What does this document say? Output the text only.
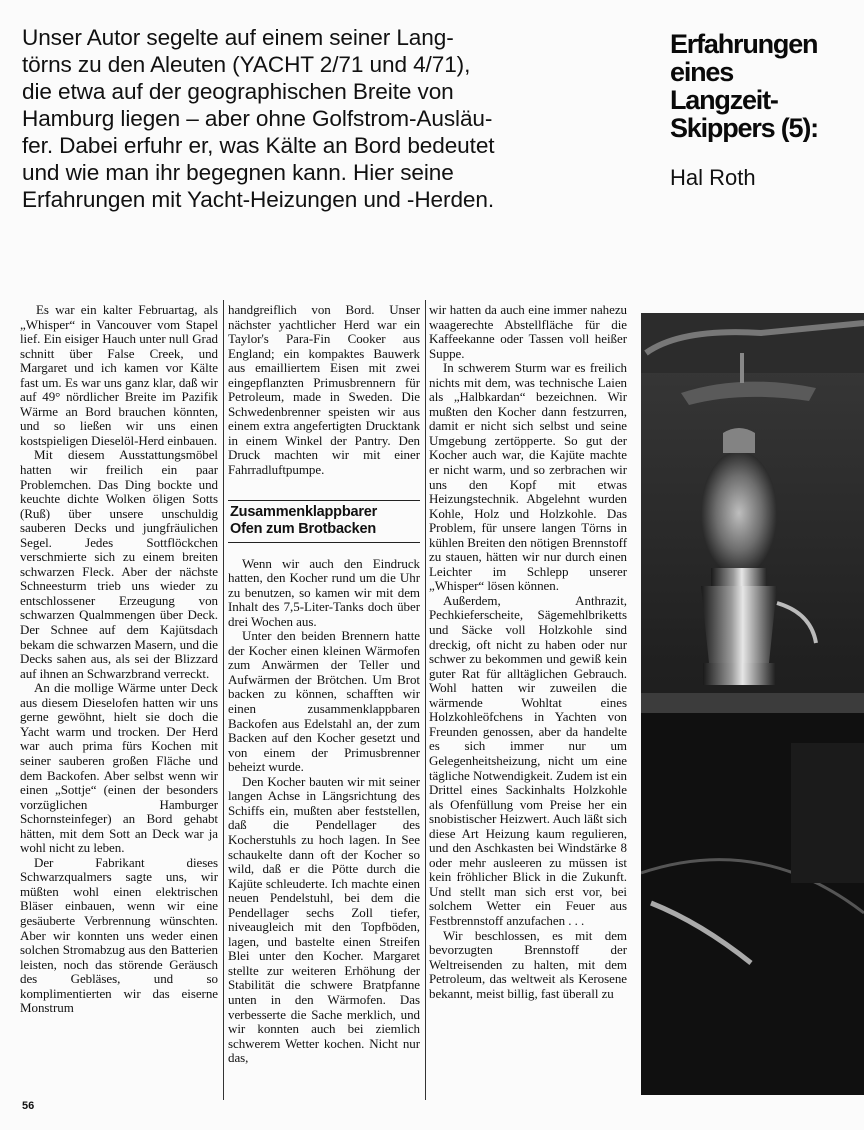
Unser Autor segelte auf einem seiner Lang-

törns zu den Aleuten (YACHT 2/71 und 4/71),

die etwa auf der geographischen Breite von

Hamburg liegen – aber ohne Golfstrom-Ausläu-

fer. Dabei erfuhr er, was Kälte an Bord bedeutet

und wie man ihr begegnen kann. Hier seine

Erfahrungen mit Yacht-Heizungen und -Herden.

Erfahrungen
eines
Langzeit-
Skippers (5):
Hal Roth

Es war ein kalter Februartag, als „Whisper“ in Vancouver vom Stapel lief. Ein eisiger Hauch unter null Grad schnitt über False Creek, und Margaret und ich kamen vor Kälte fast um. Es war uns ganz klar, daß wir auf 49° nördlicher Breite im Pazifik Wärme an Bord brauchen könnten, und so ließen wir uns einen kostspieligen Dieselöl-Herd einbauen.

Mit diesem Ausstattungsmöbel hatten wir freilich ein paar Problemchen. Das Ding bockte und keuchte dichte Wolken öligen Sotts (Ruß) über unsere unschuldig sauberen Decks und jungfräulichen Segel. Jedes Sottflöckchen verschmierte sich zu einem breiten schwarzen Fleck. Aber der nächste Schneesturm trieb uns wieder zu entschlossener Erzeugung von schwarzen Qualmmengen über Deck. Der Schnee auf dem Kajütsdach bekam die schwarzen Masern, und die Decks sahen aus, als sei der Blizzard auf ihnen an Schwarzbrand verreckt.

An die mollige Wärme unter Deck aus diesem Dieselofen hatten wir uns gerne gewöhnt, hielt sie doch die Yacht warm und trocken. Der Herd war auch prima fürs Kochen mit seiner sauberen großen Fläche und dem Backofen. Aber selbst wenn wir einen „Sottje“ (einen der besonders vorzüglichen Hamburger Schornsteinfeger) an Bord gehabt hätten, mit dem Sott an Deck war ja wohl nicht zu leben.

Der Fabrikant dieses Schwarzqualmers sagte uns, wir müßten wohl einen elektrischen Bläser einbauen, wenn wir eine gesäuberte Verbrennung wünschten. Aber wir konnten uns weder einen solchen Stromabzug aus den Batterien leisten, noch das störende Geräusch des Gebläses, und so komplimentierten wir das eiserne Monstrum

handgreiflich von Bord. Unser nächster yachtlicher Herd war ein Taylor's Para-Fin Cooker aus England; ein kompaktes Bauwerk aus emailliertem Eisen mit zwei eingepflanzten Primusbrennern für Petroleum, made in Sweden. Die Schwedenbrenner speisten wir aus einem extra angefertigten Drucktank in einem Winkel der Pantry. Den Druck machten wir mit einer Fahrradluftpumpe.

Zusammenklappbarer
Ofen zum Brotbacken

Wenn wir auch den Eindruck hatten, den Kocher rund um die Uhr zu benutzen, so kamen wir mit dem Inhalt des 7,5-Liter-Tanks doch über drei Wochen aus.

Unter den beiden Brennern hatte der Kocher einen kleinen Wärmofen zum Anwärmen der Teller und Aufwärmen der Brötchen. Um Brot backen zu können, schafften wir einen zusammenklappbaren Backofen aus Edelstahl an, der zum Backen auf den Kocher gesetzt und von einem der Primusbrenner beheizt wurde.

Den Kocher bauten wir mit seiner langen Achse in Längsrichtung des Schiffs ein, mußten aber feststellen, daß die Pendellager des Kocherstuhls zu hoch lagen. In See schaukelte dann oft der Kocher so wild, daß er die Pötte durch die Kajüte schleuderte. Ich machte einen neuen Pendelstuhl, bei dem die Pendellager sechs Zoll tiefer, niveaugleich mit den Topfböden, lagen, und bastelte einen Streifen Blei unter den Kocher. Margaret stellte zur weiteren Erhöhung der Stabilität die schwere Bratpfanne unten in den Wärmofen. Das verbesserte die Sache merklich, und wir konnten auch bei ziemlich schwerem Wetter kochen. Nicht nur das,

wir hatten da auch eine immer nahezu waagerechte Abstellfläche für die Kaffeekanne oder Tassen voll heißer Suppe.

In schwerem Sturm war es freilich nichts mit dem, was technische Laien als „Halbkardan“ bezeichnen. Wir mußten den Kocher dann festzurren, damit er nicht sich selbst und seine Umgebung zertöpperte. So gut der Kocher auch war, die Kajüte machte er nicht warm, und so zerbrachen wir uns den Kopf mit etwas Heizungstechnik. Abgelehnt wurden Kohle, Holz und Holzkohle. Das Problem, für unsere langen Törns in kühlen Breiten den nötigen Brennstoff zu stauen, hätten wir nur durch einen Leichter im Schlepp unserer „Whisper“ lösen können.

Außerdem, Anthrazit, Pechkieferscheite, Sägemehlbriketts und Säcke voll Holzkohle sind dreckig, oft nicht zu haben oder nur schwer zu bekommen und gewiß kein guter Rat für alltäglichen Gebrauch. Wohl hatten wir zuweilen die wärmende Wohltat eines Holzkohleöfchens in Yachten von Freunden genossen, aber da handelte es sich immer nur um Gelegenheitsheizung, nicht um eine tägliche Notwendigkeit. Zudem ist ein Drittel eines Sackinhalts Holzkohle als Ofenfüllung vom Preise her ein snobistischer Heizwert. Auch läßt sich diese Art Heizung kaum regulieren, und den Aschkasten bei Windstärke 8 oder mehr ausleeren zu müssen ist kein fröhlicher Blick in die Zukunft. Und stellt man sich erst vor, bei solchem Wetter ein Feuer aus Festbrennstoff anzufachen . . .

Wir beschlossen, es mit dem bevorzugten Brennstoff der Weltreisenden zu halten, mit dem Petroleum, das weltweit als Kerosene bekannt, meist billig, fast überall zu

56
